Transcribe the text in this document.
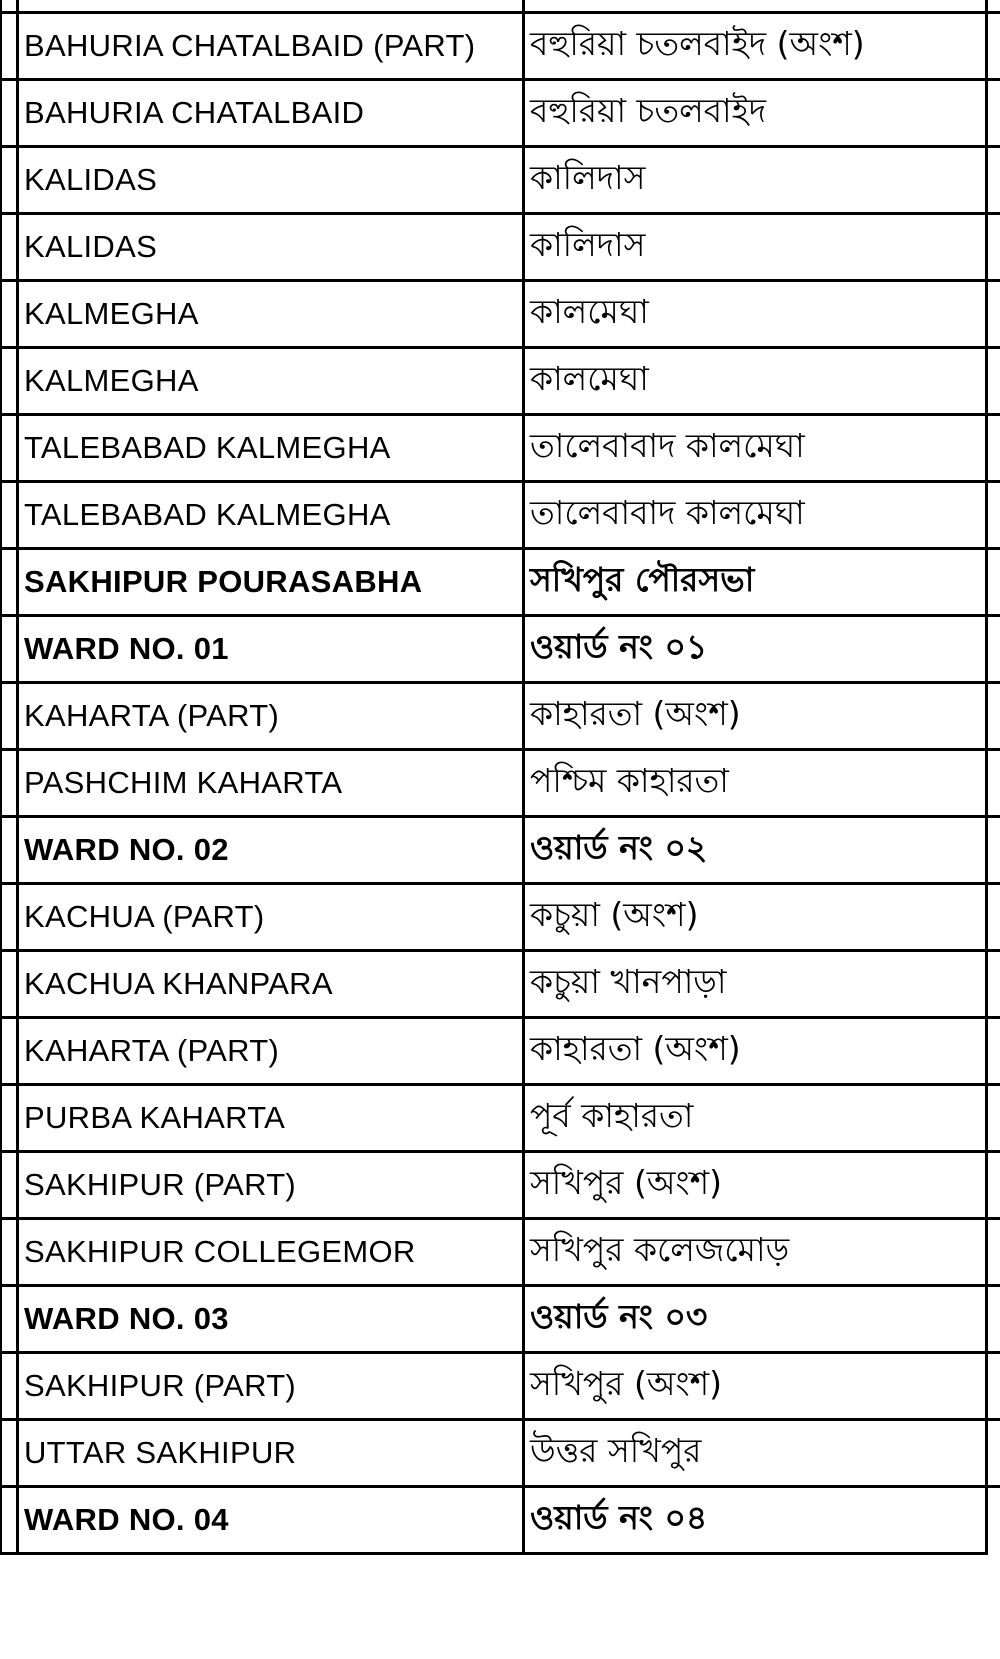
BAHURIA CHATALBAID (PART)	বহুরিয়া চতলবাইদ (অংশ)
BAHURIA CHATALBAID	বহুরিয়া চতলবাইদ
KALIDAS	কালিদাস
KALIDAS	কালিদাস
KALMEGHA	কালমেঘা
KALMEGHA	কালমেঘা
TALEBABAD KALMEGHA	তালেবাবাদ কালমেঘা
TALEBABAD KALMEGHA	তালেবাবাদ কালমেঘা
SAKHIPUR POURASABHA	সখিপুর পৌরসভা
WARD NO. 01	ওয়ার্ড নং ০১
KAHARTA (PART)	কাহারতা (অংশ)
PASHCHIM KAHARTA	পশ্চিম কাহারতা
WARD NO. 02	ওয়ার্ড নং ০২
KACHUA (PART)	কচুয়া (অংশ)
KACHUA KHANPARA	কচুয়া খানপাড়া
KAHARTA (PART)	কাহারতা (অংশ)
PURBA KAHARTA	পূর্ব কাহারতা
SAKHIPUR (PART)	সখিপুর (অংশ)
SAKHIPUR COLLEGEMOR	সখিপুর কলেজমোড়
WARD NO. 03	ওয়ার্ড নং ০৩
SAKHIPUR (PART)	সখিপুর (অংশ)
UTTAR SAKHIPUR	উত্তর সখিপুর
WARD NO. 04	ওয়ার্ড নং ০৪
